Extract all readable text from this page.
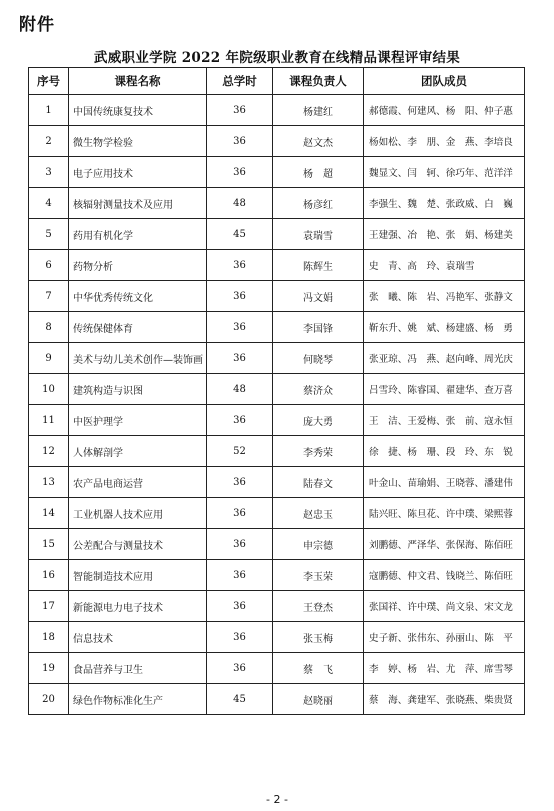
附件
武威职业学院 2022 年院级职业教育在线精品课程评审结果
序号	课程名称	总学时	课程负责人	团队成员
1	中国传统康复技术	36	杨建红	郝德霞、何建风、杨　阳、仲子惠
2	微生物学检验	36	赵文杰	杨如松、李　朋、金　燕、李培良
3	电子应用技术	36	杨　超	魏显文、闫　轲、徐巧年、范洋洋
4	核辐射测量技术及应用	48	杨彦红	李强生、魏　楚、张政威、白　巍
5	药用有机化学	45	袁瑞雪	王建强、冶　艳、张　娟、杨建美
6	药物分析	36	陈辉生	史　青、高　玲、袁瑞雪
7	中华优秀传统文化	36	冯文娟	张　曦、陈　岩、冯艳军、张静文
8	传统保健体育	36	李国锋	靳东升、姚　斌、杨建盛、杨　勇
9	美术与幼儿美术创作—装饰画	36	何晓琴	张亚琼、冯　燕、赵向峰、周光庆
10	建筑构造与识图	48	蔡济众	吕雪玲、陈睿国、翟建华、查万喜
11	中医护理学	36	庞大勇	王　洁、王爱梅、张　前、寇永恒
12	人体解剖学	52	李秀荣	徐　捷、杨　珊、段　玲、东　锐
13	农产品电商运营	36	陆春文	叶金山、苗瑜娟、王晓蓉、潘建伟
14	工业机器人技术应用	36	赵忠玉	陆兴旺、陈旦花、许中璞、梁熙蓉
15	公差配合与测量技术	36	申宗德	刘鹏德、严泽华、张保海、陈佰旺
16	智能制造技术应用	36	李玉荣	寇鹏德、仲文君、钱晓兰、陈佰旺
17	新能源电力电子技术	36	王登杰	张国祥、许中璞、尚文泉、宋文龙
18	信息技术	36	张玉梅	史子新、张伟东、孙丽山、陈　平
19	食品营养与卫生	36	蔡　飞	李　婷、杨　岩、尤　萍、席雪琴
20	绿色作物标准化生产	45	赵晓丽	蔡　海、龚建军、张晓燕、柴贵贤
- 2 -
